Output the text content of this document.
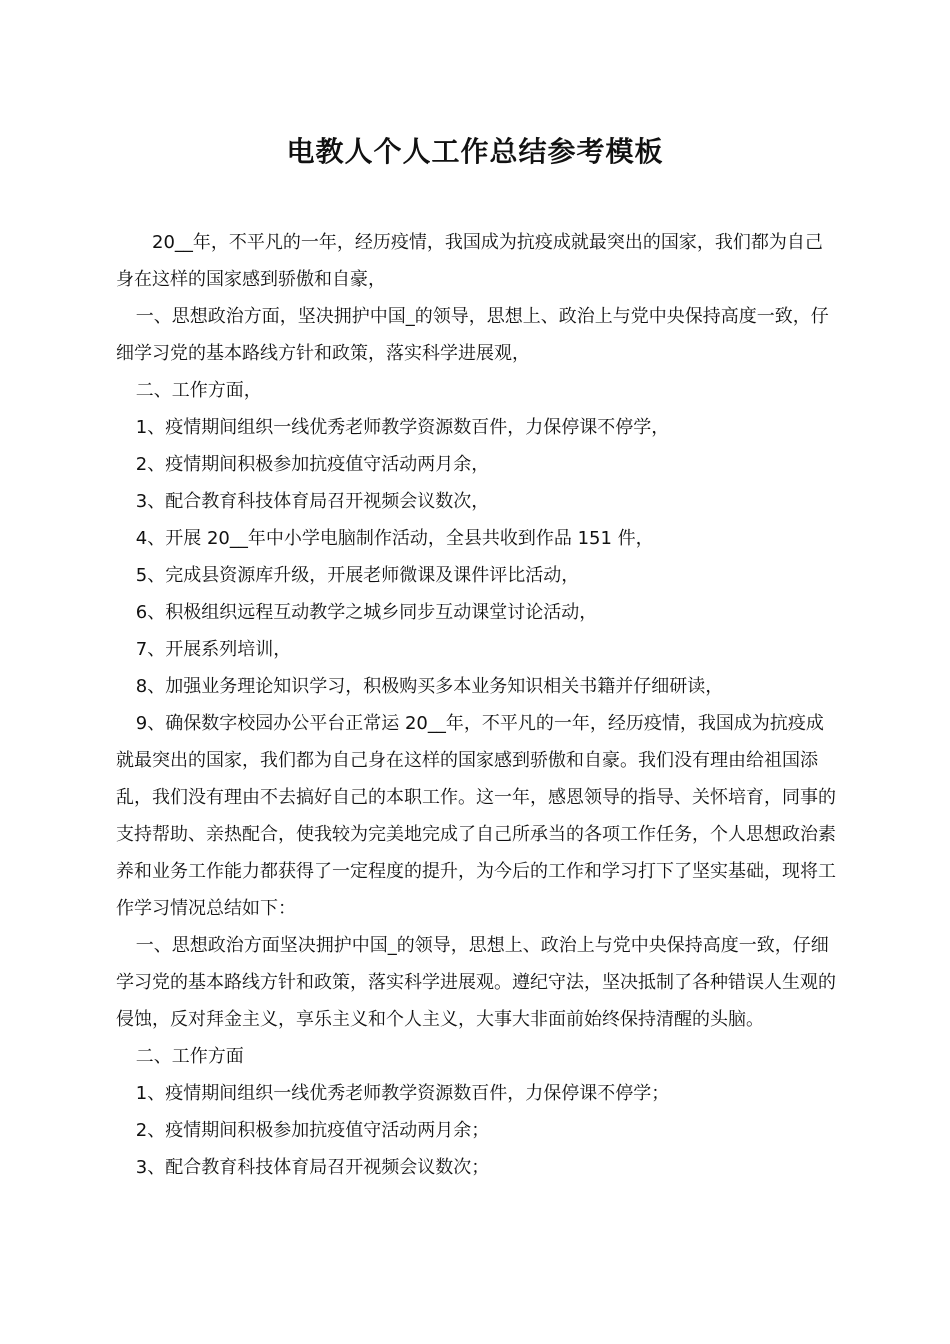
电教人个人工作总结参考模板

20__年，不平凡的一年，经历疫情，我国成为抗疫成就最突出的国家，我们都为自己身在这样的国家感到骄傲和自豪，

一、思想政治方面，坚决拥护中国_的领导，思想上、政治上与党中央保持高度一致，仔细学习党的基本路线方针和政策，落实科学进展观，

二、工作方面，

1、疫情期间组织一线优秀老师教学资源数百件，力保停课不停学，

2、疫情期间积极参加抗疫值守活动两月余，

3、配合教育科技体育局召开视频会议数次，

4、开展 20__年中小学电脑制作活动，全县共收到作品 151 件，

5、完成县资源库升级，开展老师微课及课件评比活动，

6、积极组织远程互动教学之城乡同步互动课堂讨论活动，

7、开展系列培训，

8、加强业务理论知识学习，积极购买多本业务知识相关书籍并仔细研读，

9、确保数字校园办公平台正常运 20__年，不平凡的一年，经历疫情，我国成为抗疫成就最突出的国家，我们都为自己身在这样的国家感到骄傲和自豪。我们没有理由给祖国添乱，我们没有理由不去搞好自己的本职工作。这一年，感恩领导的指导、关怀培育，同事的支持帮助、亲热配合，使我较为完美地完成了自己所承当的各项工作任务，个人思想政治素养和业务工作能力都获得了一定程度的提升，为今后的工作和学习打下了坚实基础，现将工作学习情况总结如下：

一、思想政治方面坚决拥护中国_的领导，思想上、政治上与党中央保持高度一致，仔细学习党的基本路线方针和政策，落实科学进展观。遵纪守法，坚决抵制了各种错误人生观的侵蚀，反对拜金主义，享乐主义和个人主义，大事大非面前始终保持清醒的头脑。

二、工作方面

1、疫情期间组织一线优秀老师教学资源数百件，力保停课不停学；

2、疫情期间积极参加抗疫值守活动两月余；

3、配合教育科技体育局召开视频会议数次；
